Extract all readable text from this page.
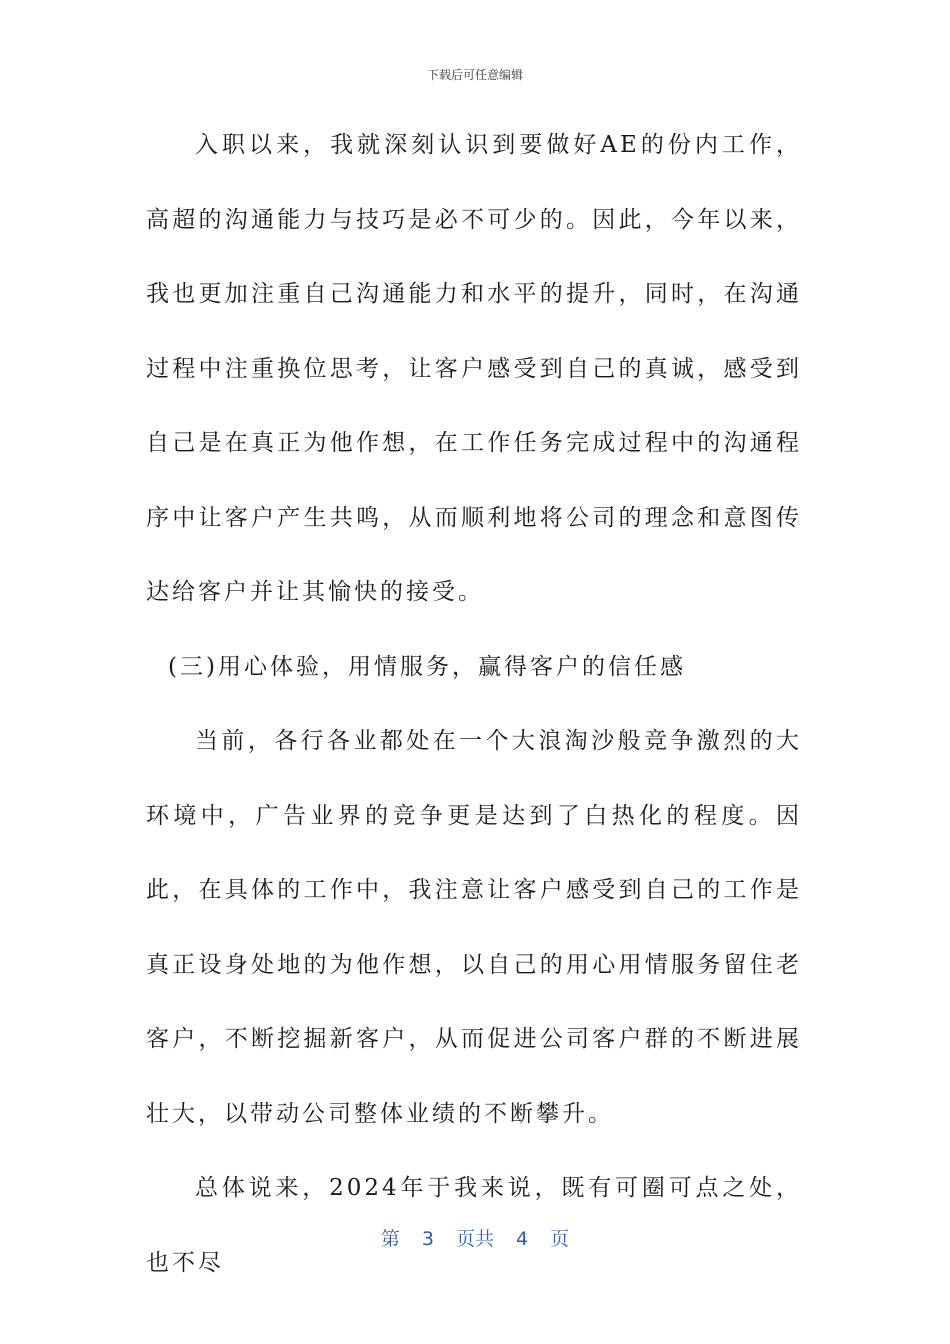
下载后可任意编辑

入职以来，我就深刻认识到要做好AE的份内工作，高超的沟通能力与技巧是必不可少的。因此，今年以来，我也更加注重自己沟通能力和水平的提升，同时，在沟通过程中注重换位思考，让客户感受到自己的真诚，感受到自己是在真正为他作想，在工作任务完成过程中的沟通程序中让客户产生共鸣，从而顺利地将公司的理念和意图传达给客户并让其愉快的接受。

(三)用心体验，用情服务，赢得客户的信任感

当前，各行各业都处在一个大浪淘沙般竞争激烈的大环境中，广告业界的竞争更是达到了白热化的程度。因此，在具体的工作中，我注意让客户感受到自己的工作是真正设身处地的为他作想，以自己的用心用情服务留住老客户，不断挖掘新客户，从而促进公司客户群的不断进展壮大，以带动公司整体业绩的不断攀升。

总体说来，2024年于我来说，既有可圈可点之处，也不尽

第 3 页共 4 页
